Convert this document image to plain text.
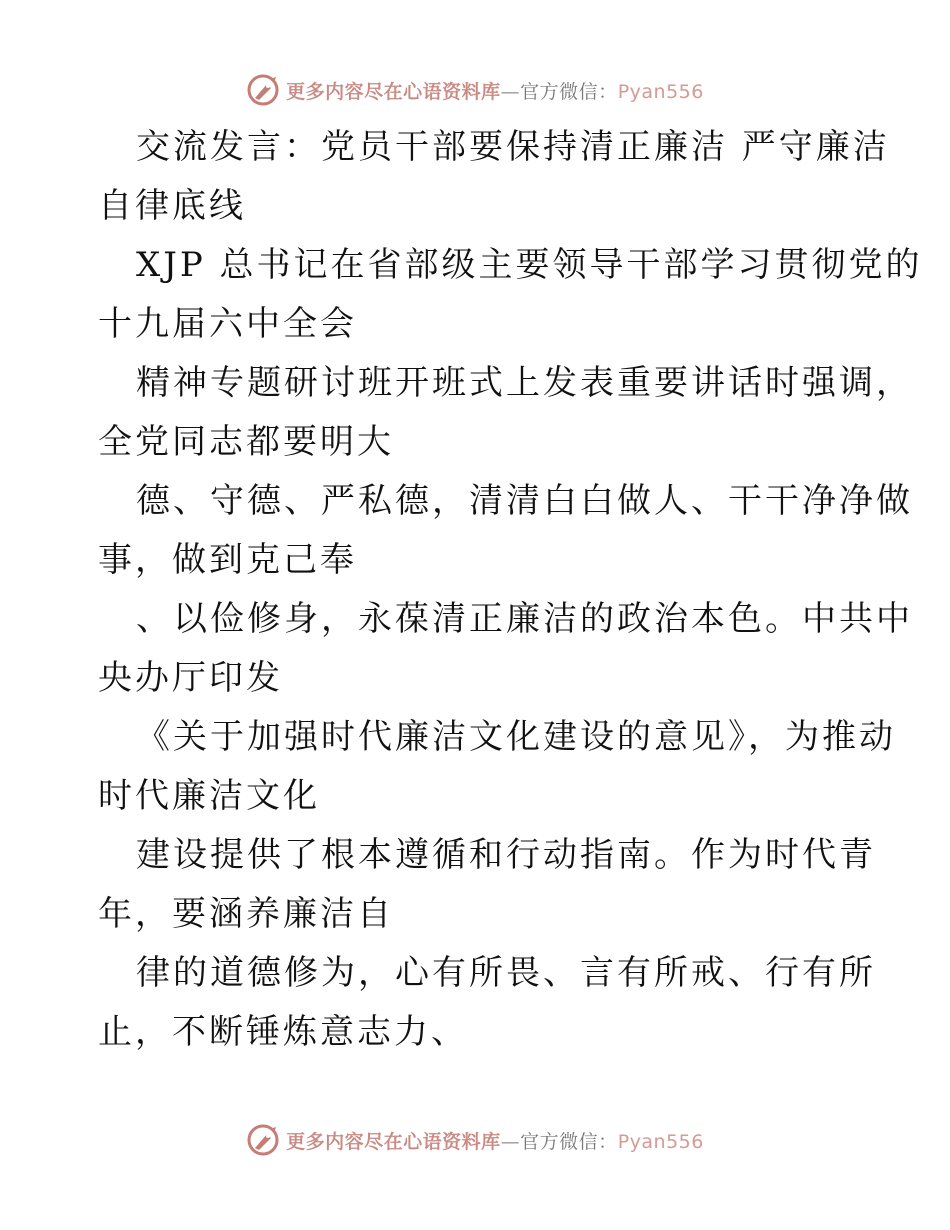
更多内容尽在心语资料库—官方微信：Pyan556
交流发言：党员干部要保持清正廉洁 严守廉洁
自律底线
XJP 总书记在省部级主要领导干部学习贯彻党的
十九届六中全会
精神专题研讨班开班式上发表重要讲话时强调，
全党同志都要明大
德、守德、严私德，清清白白做人、干干净净做
事，做到克己奉
、以俭修身，永葆清正廉洁的政治本色。中共中
央办厅印发
《关于加强时代廉洁文化建设的意见》，为推动
时代廉洁文化
建设提供了根本遵循和行动指南。作为时代青
年，要涵养廉洁自
律的道德修为，心有所畏、言有所戒、行有所
止，不断锤炼意志力、
更多内容尽在心语资料库—官方微信：Pyan556
